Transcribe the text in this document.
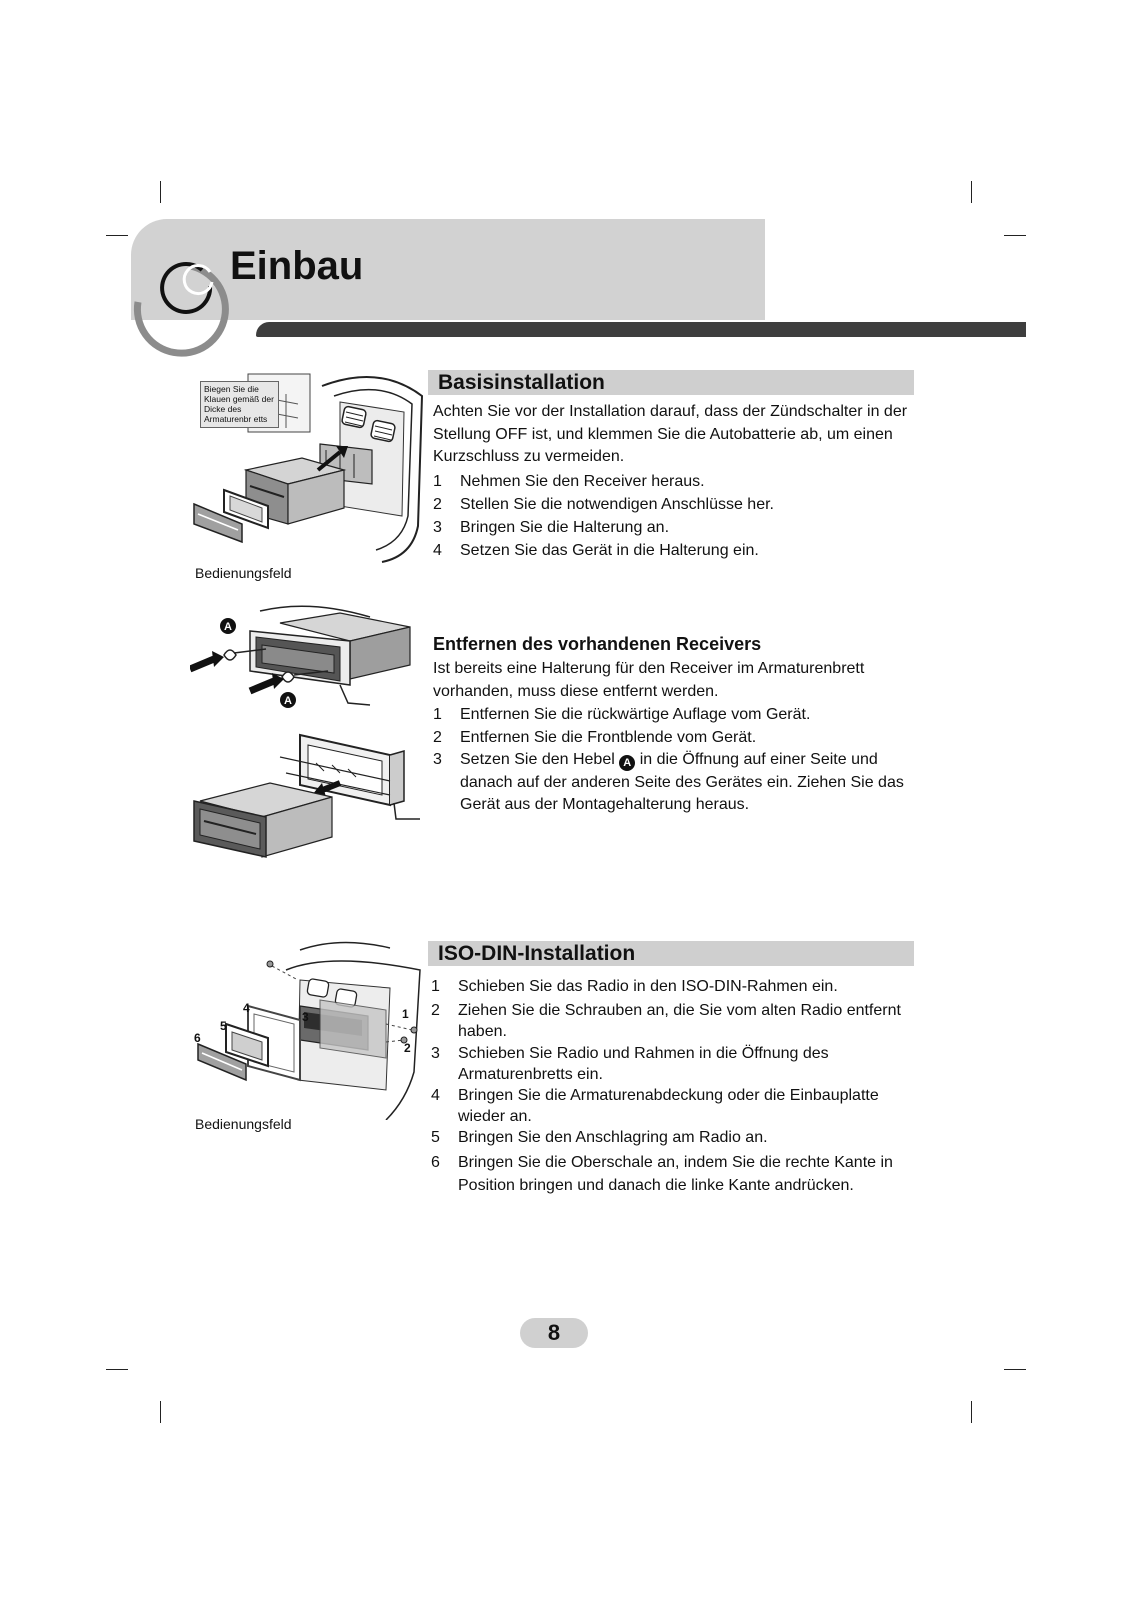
Einbau
Basisinstallation

Achten Sie vor der Installation darauf, dass der Zündschalter in der Stellung OFF ist, und klemmen Sie die Autobatterie ab, um einen Kurzschluss zu vermeiden.

1 Nehmen Sie den Receiver heraus.
2 Stellen Sie die notwendigen Anschlüsse her.
3 Bringen Sie die Halterung an.
4 Setzen Sie das Gerät in die Halterung ein.
Biegen Sie die Klauen gemäß der Dicke des Armaturenbr etts
Bedienungsfeld
Entfernen des vorhandenen Receivers

Ist bereits eine Halterung für den Receiver im Armaturenbrett vorhanden, muss diese entfernt werden.

1 Entfernen Sie die rückwärtige Auflage vom Gerät.
2 Entfernen Sie die Frontblende vom Gerät.
3 Setzen Sie den Hebel A in die Öffnung auf einer Seite und danach auf der anderen Seite des Gerätes ein. Ziehen Sie das Gerät aus der Montagehalterung heraus.
A
A
ISO-DIN-Installation
1 Schieben Sie das Radio in den ISO-DIN-Rahmen ein.
2 Ziehen Sie die Schrauben an, die Sie vom alten Radio entfernt haben.
3 Schieben Sie Radio und Rahmen in die Öffnung des Armaturenbretts ein.
4 Bringen Sie die Armaturenabdeckung oder die Einbauplatte wieder an.
5 Bringen Sie den Anschlagring am Radio an.
6 Bringen Sie die Oberschale an, indem Sie die rechte Kante in Position bringen und danach die linke Kante andrücken.
1
2
3
4
5
6
Bedienungsfeld
8
